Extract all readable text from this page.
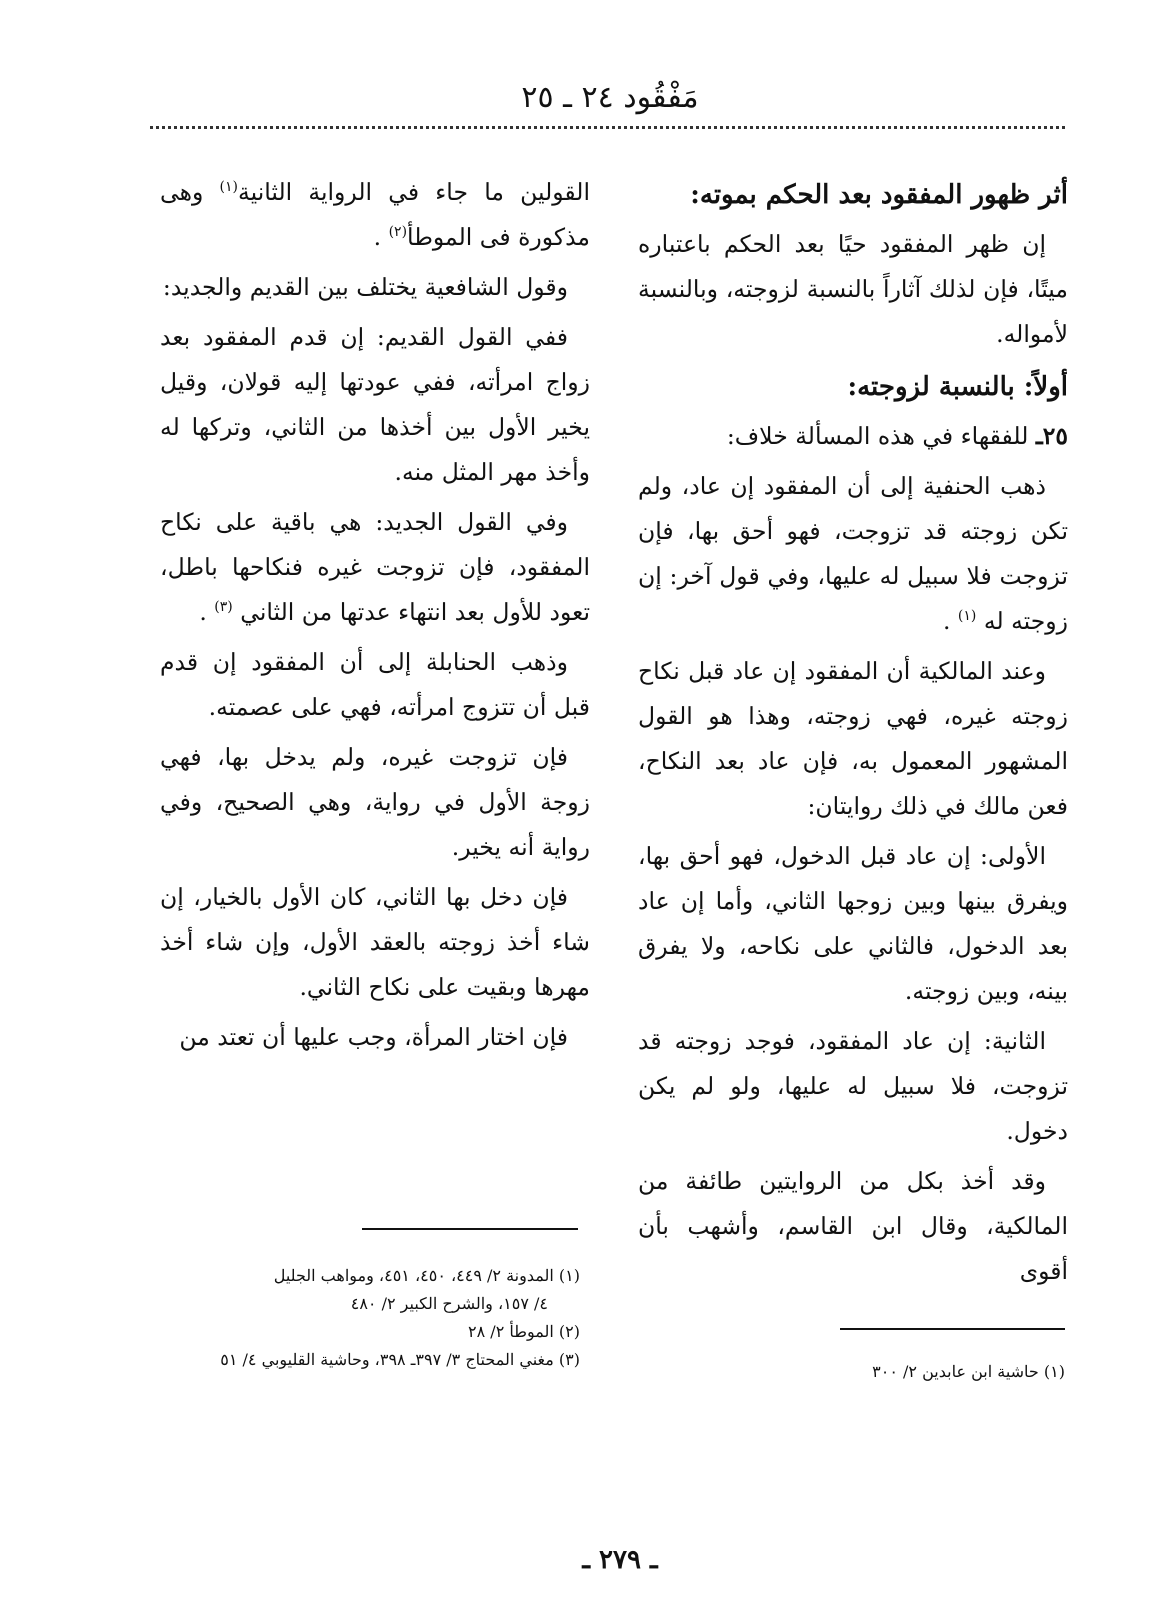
مَفْقُود ٢٤ ـ ٢٥
أثر ظهور المفقود بعد الحكم بموته:

إن ظهر المفقود حيًا بعد الحكم باعتباره ميتًا، فإن لذلك آثاراً بالنسبة لزوجته، وبالنسبة لأمواله.

أولاً: بالنسبة لزوجته:

٢٥ـ للفقهاء في هذه المسألة خلاف:

ذهب الحنفية إلى أن المفقود إن عاد، ولم تكن زوجته قد تزوجت، فهو أحق بها، فإن تزوجت فلا سبيل له عليها، وفي قول آخر: إن زوجته له $^{(١)}$ .

وعند المالكية أن المفقود إن عاد قبل نكاح زوجته غيره، فهي زوجته، وهذا هو القول المشهور المعمول به، فإن عاد بعد النكاح، فعن مالك في ذلك روايتان:

الأولى: إن عاد قبل الدخول، فهو أحق بها، ويفرق بينها وبين زوجها الثاني، وأما إن عاد بعد الدخول، فالثاني على نكاحه، ولا يفرق بينه، وبين زوجته.

الثانية: إن عاد المفقود، فوجد زوجته قد تزوجت، فلا سبيل له عليها، ولو لم يكن دخول.

وقد أخذ بكل من الروايتين طائفة من المالكية، وقال ابن القاسم، وأشهب بأن أقوى

(١) حاشية ابن عابدين ٢/ ٣٠٠

القولين ما جاء في الرواية الثانية$^{(١)}$ وهى مذكورة فى الموطأ$^{(٢)}$ .

وقول الشافعية يختلف بين القديم والجديد:

ففي القول القديم: إن قدم المفقود بعد زواج امرأته، ففي عودتها إليه قولان، وقيل يخير الأول بين أخذها من الثاني، وتركها له وأخذ مهر المثل منه.

وفي القول الجديد: هي باقية على نكاح المفقود، فإن تزوجت غيره فنكاحها باطل، تعود للأول بعد انتهاء عدتها من الثاني $^{(٣)}$ .

وذهب الحنابلة إلى أن المفقود إن قدم قبل أن تتزوج امرأته، فهي على عصمته.

فإن تزوجت غيره، ولم يدخل بها، فهي زوجة الأول في رواية، وهي الصحيح، وفي رواية أنه يخير.

فإن دخل بها الثاني، كان الأول بالخيار، إن شاء أخذ زوجته بالعقد الأول، وإن شاء أخذ مهرها وبقيت على نكاح الثاني.

فإن اختار المرأة، وجب عليها أن تعتد من

(١) المدونة ٢/ ٤٤٩، ٤٥٠، ٤٥١، ومواهب الجليل

٤/ ١٥٧، والشرح الكبير ٢/ ٤٨٠

(٢) الموطأ ٢/ ٢٨

(٣) مغني المحتاج ٣/ ٣٩٧ـ ٣٩٨، وحاشية القليوبي ٤/ ٥١

ـ ٢٧٩ ـ
